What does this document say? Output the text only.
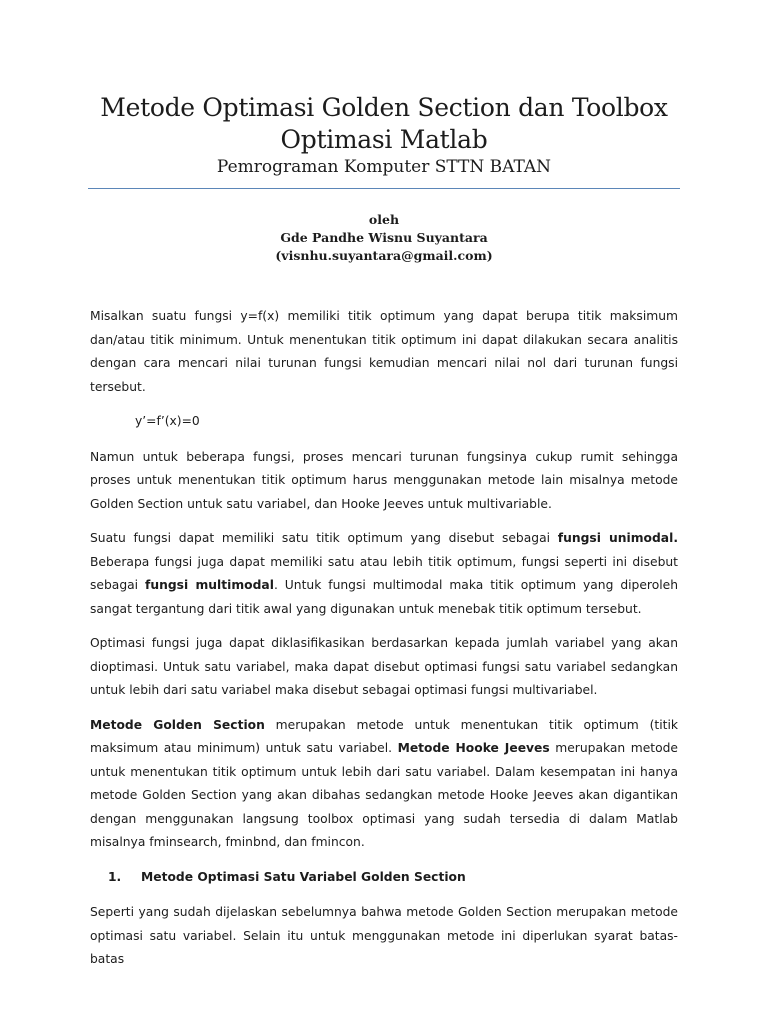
Metode Optimasi Golden Section dan Toolbox
Optimasi Matlab
Pemrograman Komputer STTN BATAN
oleh
Gde Pandhe Wisnu Suyantara
(visnhu.suyantara@gmail.com)

Misalkan suatu fungsi y=f(x) memiliki titik optimum yang dapat berupa titik maksimum dan/atau titik minimum. Untuk menentukan titik optimum ini dapat dilakukan secara analitis dengan cara mencari nilai turunan fungsi kemudian mencari nilai nol dari turunan fungsi tersebut.

y’=f’(x)=0

Namun untuk beberapa fungsi, proses mencari turunan fungsinya cukup rumit sehingga proses untuk menentukan titik optimum harus menggunakan metode lain misalnya metode Golden Section untuk satu variabel, dan Hooke Jeeves untuk multivariable.

Suatu fungsi dapat memiliki satu titik optimum yang disebut sebagai fungsi unimodal. Beberapa fungsi juga dapat memiliki satu atau lebih titik optimum, fungsi seperti ini disebut sebagai fungsi multimodal. Untuk fungsi multimodal maka titik optimum yang diperoleh sangat tergantung dari titik awal yang digunakan untuk menebak titik optimum tersebut.

Optimasi fungsi juga dapat diklasifikasikan berdasarkan kepada jumlah variabel yang akan dioptimasi. Untuk satu variabel, maka dapat disebut optimasi fungsi satu variabel sedangkan untuk lebih dari satu variabel maka disebut sebagai optimasi fungsi multivariabel.

Metode Golden Section merupakan metode untuk menentukan titik optimum (titik maksimum atau minimum) untuk satu variabel. Metode Hooke Jeeves merupakan metode untuk menentukan titik optimum untuk lebih dari satu variabel. Dalam kesempatan ini hanya metode Golden Section yang akan dibahas sedangkan metode Hooke Jeeves akan digantikan dengan menggunakan langsung toolbox optimasi yang sudah tersedia di dalam Matlab misalnya fminsearch, fminbnd, dan fmincon.

1.	Metode Optimasi Satu Variabel Golden Section

Seperti yang sudah dijelaskan sebelumnya bahwa metode Golden Section merupakan metode optimasi satu variabel. Selain itu untuk menggunakan metode ini diperlukan syarat batas-batas
